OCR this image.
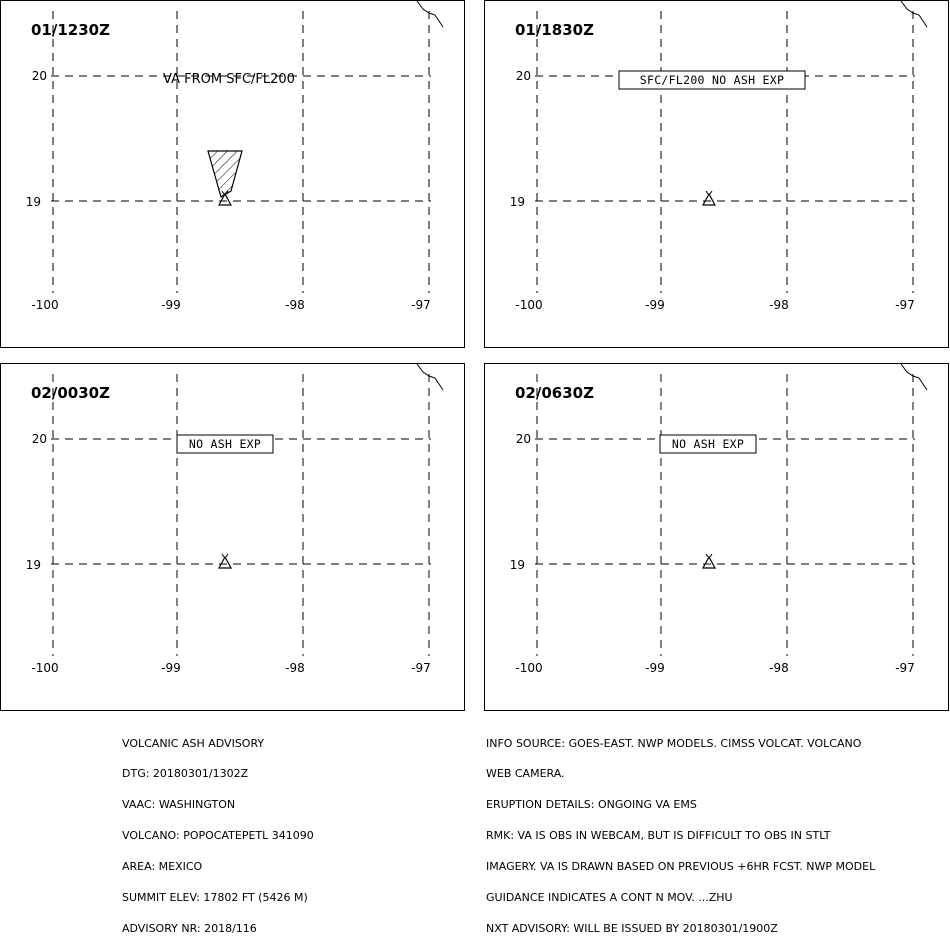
01/1230Z
20
19
-100	-99	-98	-97
VA FROM SFC/FL200
01/1830Z
20
19
-100	-99	-98	-97
SFC/FL200 NO ASH EXP
02/0030Z
20
19
-100	-99	-98	-97
NO ASH EXP
02/0630Z
20
19
-100	-99	-98	-97
NO ASH EXP

VOLCANIC ASH ADVISORY

DTG: 20180301/1302Z

VAAC: WASHINGTON

VOLCANO: POPOCATEPETL 341090

AREA: MEXICO

SUMMIT ELEV: 17802 FT (5426 M)

ADVISORY NR: 2018/116

INFO SOURCE: GOES-EAST. NWP MODELS. CIMSS VOLCAT. VOLCANO

WEB CAMERA.

ERUPTION DETAILS: ONGOING VA EMS

RMK: VA IS OBS IN WEBCAM, BUT IS DIFFICULT TO OBS IN STLT

IMAGERY. VA IS DRAWN BASED ON PREVIOUS +6HR FCST. NWP MODEL

GUIDANCE INDICATES A CONT N MOV. ...ZHU

NXT ADVISORY: WILL BE ISSUED BY 20180301/1900Z
